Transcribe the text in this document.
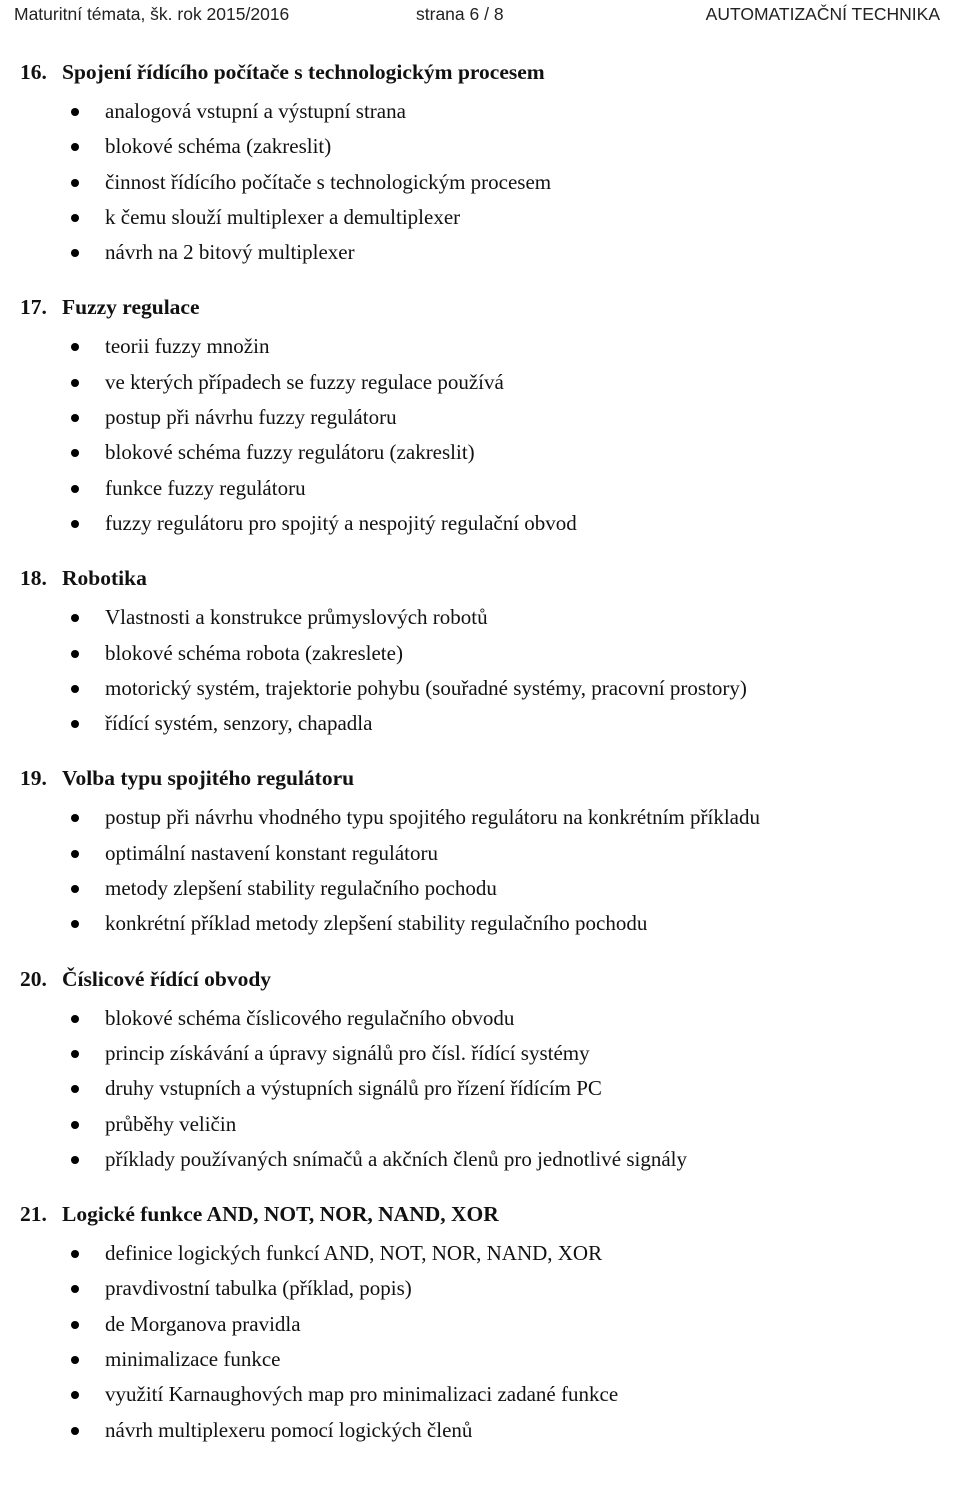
Maturitní témata, šk. rok 2015/2016	strana 6 / 8	AUTOMATIZAČNÍ TECHNIKA
16. Spojení řídícího počítače s technologickým procesem
analogová vstupní a výstupní strana
blokové schéma (zakreslit)
činnost řídícího počítače s technologickým procesem
k čemu slouží multiplexer a demultiplexer
návrh na 2 bitový multiplexer
17. Fuzzy regulace
teorii fuzzy množin
ve kterých případech se fuzzy regulace používá
postup při návrhu fuzzy regulátoru
blokové schéma fuzzy regulátoru (zakreslit)
funkce fuzzy regulátoru
fuzzy regulátoru pro spojitý a nespojitý regulační obvod
18. Robotika
Vlastnosti a konstrukce průmyslových robotů
blokové schéma robota (zakreslete)
motorický systém, trajektorie pohybu (souřadné systémy, pracovní prostory)
řídící systém, senzory, chapadla
19. Volba typu spojitého regulátoru
postup při návrhu vhodného typu spojitého regulátoru na konkrétním příkladu
optimální nastavení konstant regulátoru
metody zlepšení stability regulačního pochodu
konkrétní příklad metody zlepšení stability regulačního pochodu
20. Číslicové řídící obvody
blokové schéma číslicového regulačního obvodu
princip získávání a úpravy signálů pro čísl. řídící systémy
druhy vstupních a výstupních signálů pro řízení řídícím PC
průběhy veličin
příklady používaných snímačů a akčních členů pro jednotlivé signály
21. Logické funkce AND, NOT, NOR, NAND, XOR
definice logických funkcí AND, NOT, NOR, NAND, XOR
pravdivostní tabulka (příklad, popis)
de Morganova pravidla
minimalizace funkce
využití Karnaughových map pro minimalizaci zadané funkce
návrh multiplexeru pomocí logických členů
